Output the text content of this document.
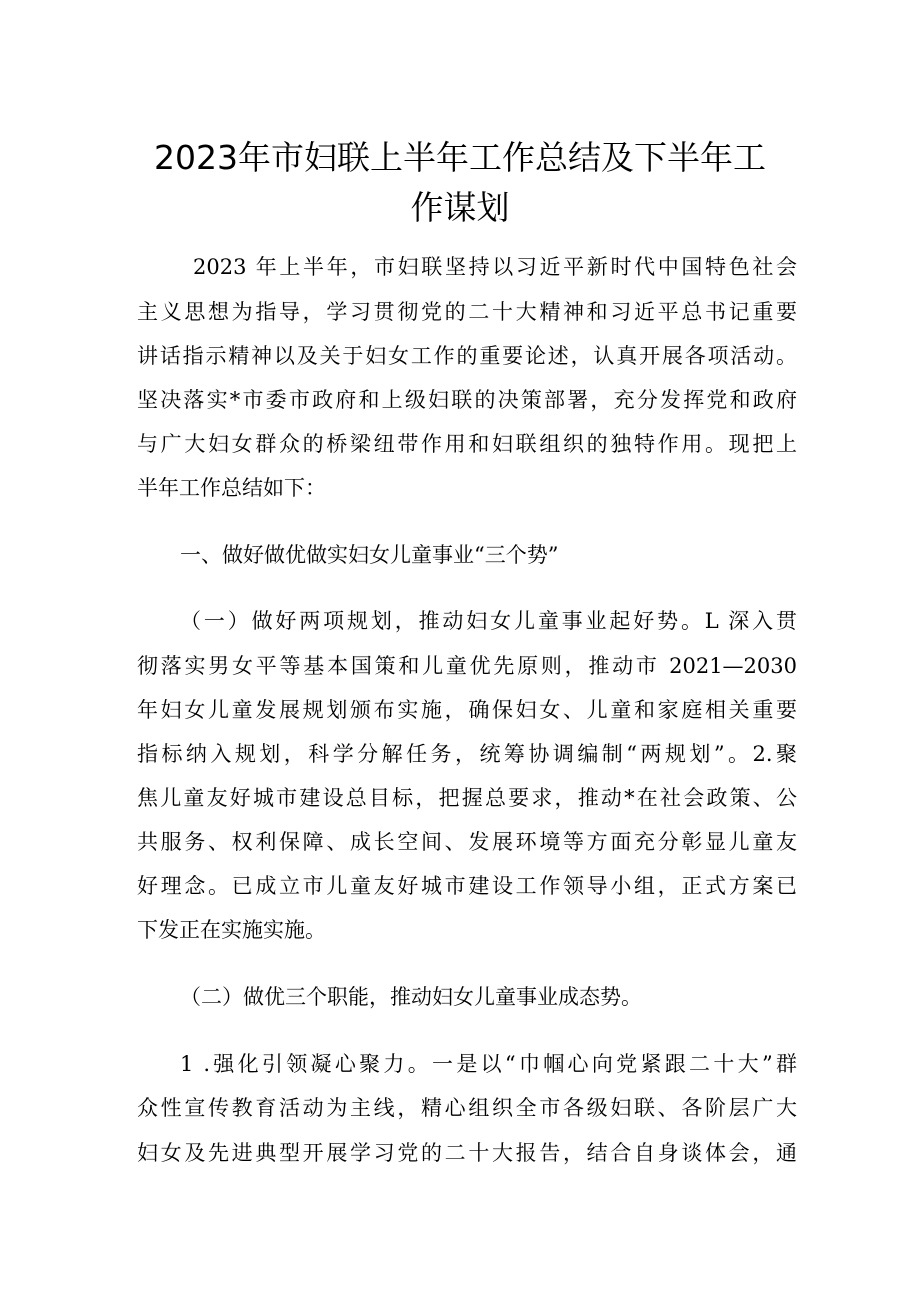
2023年市妇联上半年工作总结及下半年工
作谋划
2023 年上半年，市妇联坚持以习近平新时代中国特色社会
主义思想为指导，学习贯彻党的二十大精神和习近平总书记重要
讲话指示精神以及关于妇女工作的重要论述，认真开展各项活动。
坚决落实*市委市政府和上级妇联的决策部署，充分发挥党和政府
与广大妇女群众的桥梁纽带作用和妇联组织的独特作用。现把上
半年工作总结如下：
一、做好做优做实妇女儿童事业“三个势”
（一）做好两项规划，推动妇女儿童事业起好势。L 深入贯
彻落实男女平等基本国策和儿童优先原则，推动市 2021—2030
年妇女儿童发展规划颁布实施，确保妇女、儿童和家庭相关重要
指标纳入规划，科学分解任务，统筹协调编制“两规划”。2.聚
焦儿童友好城市建设总目标，把握总要求，推动*在社会政策、公
共服务、权利保障、成长空间、发展环境等方面充分彰显儿童友
好理念。已成立市儿童友好城市建设工作领导小组，正式方案已
下发正在实施实施。
（二）做优三个职能，推动妇女儿童事业成态势。
1 .强化引领凝心聚力。一是以“巾帼心向党紧跟二十大”群
众性宣传教育活动为主线，精心组织全市各级妇联、各阶层广大
妇女及先进典型开展学习党的二十大报告，结合自身谈体会，通
